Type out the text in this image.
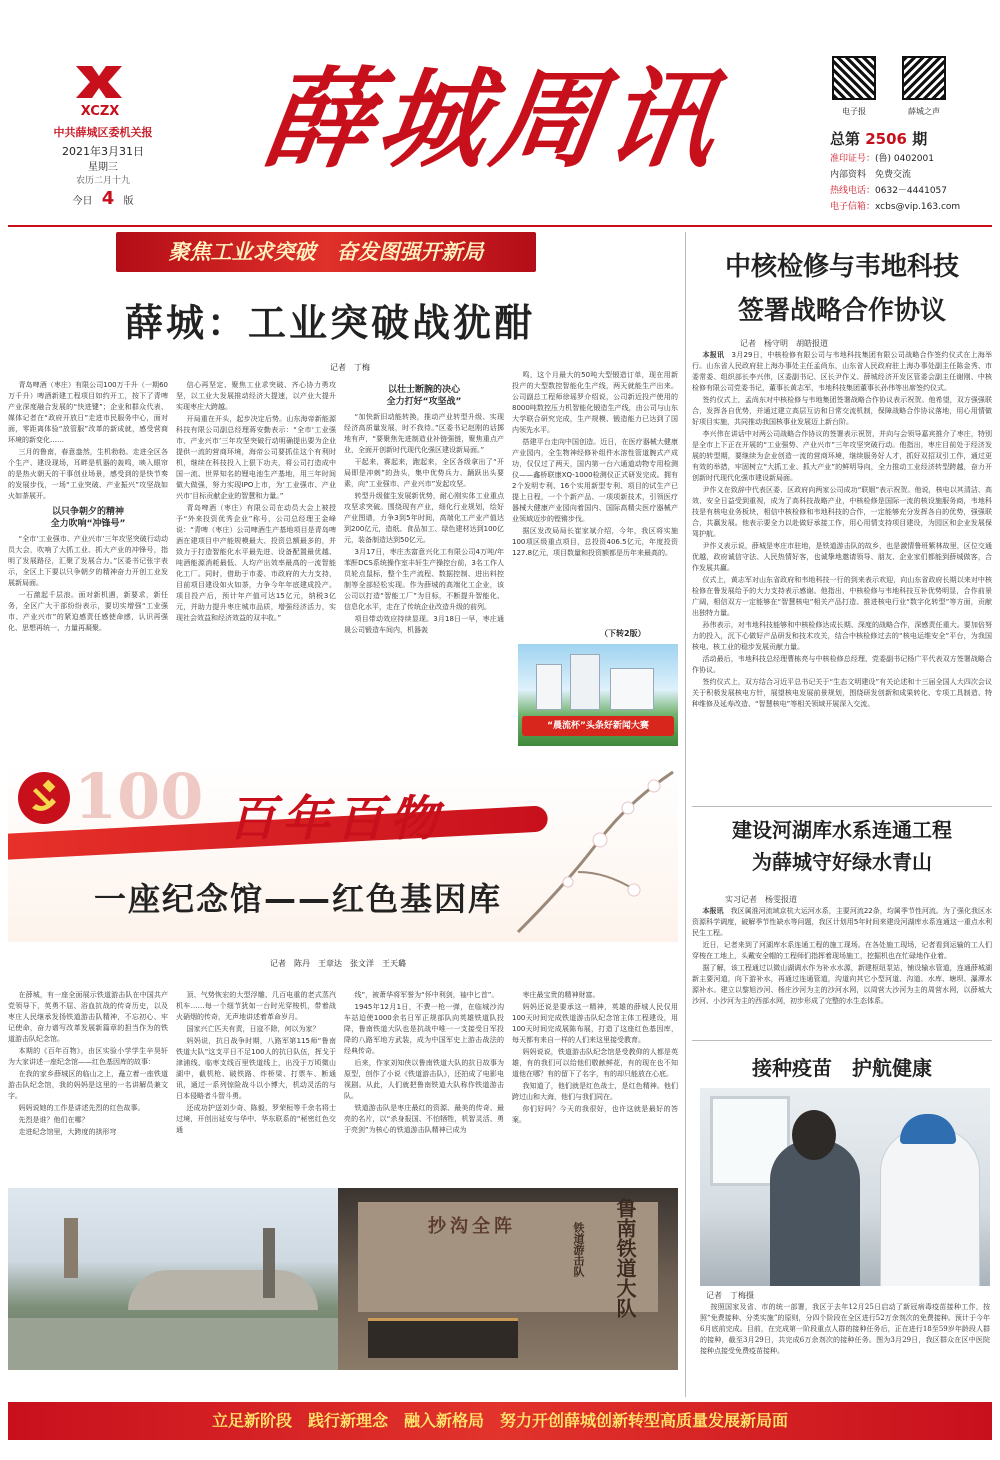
XCZX
中共薛城区委机关报
2021年3月31日
星期三
农历二月十九
今日 4 版
薛城周讯	电子报	薛城之声
总第 2506 期
准印证号：(鲁) 0402001
内部资料　免费交流
热线电话：0632－4441057
电子信箱：xcbs@vip.163.com
聚焦工业求突破　奋发图强开新局
薛城：工业突破战犹酣
记者　 丁梅

青岛啤酒（枣庄）有限公司100万千升（一期60万千升）啤酒新建工程项目如约开工，按下了青啤产业深度融合发展的“快进键”；企业和群众代表、媒体记者在“政府开放日”走进市民服务中心，面对面，零距离体验“放管服”改革的新成就，感受营商环境的新变化……

三月的鲁南，春意盎然，生机勃勃。走进全区各个生产、建设现场，耳畔是机器的轰鸣，映入眼帘的是热火朝天的干事创业场景，感受到的是快节奏的发展步伐，一场“工业突破、产业振兴”攻坚战如火如荼展开。

以只争朝夕的精神
全力吹响“冲锋号”

“全市‘工业强市、产业兴市’三年攻坚突破行动动员大会，吹响了大抓工业、抓大产业的冲锋号，指明了发展路径，汇聚了发展合力。”区委书记张宇表示，全区上下要以只争朝夕的精神奋力开创工业发展新局面。

一石激起千层浪。面对新机遇，新要求，新任务，全区广大干部纷纷表示，要切实增强“工业强市、产业兴市”的紧迫感责任感使命感，认识再强化、思想再统一、力量再凝聚。

信心再坚定、聚焦工业求突破、齐心协力勇攻坚，以工业大发展推动经济大提速，以产业大提升实现枣庄大跨越。

开局重在开头，起步决定后势。山东海帝新能源科技有限公司副总经理蒋安勤表示：“全市‘工业强市、产业兴市’三年攻坚突破行动明确提出要为企业提供一流的营商环境，海帝公司要抓住这个有利时机，继续在科技投入上狠下功夫，将公司打造成中国一流、世界知名的锂电池生产基地，用三年时间做大做强，努力实现IPO上市，为‘工业强市、产业兴市’目标贡献企业的智慧和力量。”

青岛啤酒（枣庄）有限公司在动员大会上被授予“外来投资优秀企业”称号，公司总经理王金峰说：“青啤（枣庄）公司啤酒生产基地项目是青岛啤酒在建项目中产能规模最大、投资总额最多的，并致力于打造智能化水平最先进、设备配置最优越、吨酒能源消耗最低、人均产出效率最高的一流智能化工厂。同时，借助于市委、市政府的大力支持，目前项目建设如火如荼，力争今年年底建成投产。项目投产后，预计年产值可达15亿元，纳税3亿元，并助力提升枣庄城市品质，增强经济活力，实现社会效益和经济效益的双丰收。”

以壮士断腕的决心
全力打好“攻坚战”

“加快新旧动能转换，推动产业转型升级、实现经济高质量发展，时不我待。”区委书记赵刚的话掷地有声，“要聚焦先进制造业补链强链，聚焦重点产业，全面开创新时代现代化强区建设新局面。”

干起来，赛起来，跑起来，全区各级拿出了“开局即是冲刺”的劲头，集中优势兵力、踊跃出头要素，向“工业强市、产业兴市”发起攻坚。

转型升级催生发展新优势，耐心刚实体工业重点攻坚求突破。围绕现有产业，细化行业规划，绘好产业图谱，力争3到5年时间，高端化工产业产值达到200亿元，造纸、食品加工、绿色建材达到100亿元，装备制造达到50亿元。

3月17日，枣庄杰富意兴化工有限公司4万吨/年苯酐DCS系统操作室丰轩生产操控台前，3名工作人员轮点鼠标，整个生产流程、数据控制、进出料控制等全部轻松实现。作为薛城的高端化工企业，该公司以打造“智能工厂”为目标，不断提升智能化、信息化水平，走在了传统企业改造升级的前列。

项目带动效应持续显现。3月18日一早，枣庄通晟公司锻造车间内，机器轰

鸣，这个月最大的50吨大型锻造订单，现在用新投产的大型数控智能化生产线，两天就能生产出来。公司副总工程师徐瑶罗介绍说，公司新近投产使用的8000吨数控压力机智能化锻造生产线，由公司与山东大学联合研究完成，生产规模、锻造能力已达到了国内领先水平。

搭建平台走向中国创造。近日，在医疗器械大健康产业园内，全生物神经修补组件水溶性管道腕式产成功，仅仅过了两天，国内第一台六通道动物专用检测仪——鑫桥联康XQ-1000检测仪正式研发完成。拥有2个发明专利、16个实用新型专利、项目的试生产已提上日程，一个个新产品、一项项新技术，引领医疗器械大健康产业园向着国内、国际高精尖医疗器械产业领域迈步的铿锵步伐。

据区发改局局长崔家斌介绍，今年，我区将实施100项区级重点项目，总投资406.5亿元，年度投资127.8亿元，项目数量和投资额都是历年来最高的。

（下转2版）
“晨流杯”头条好新闻大赛
100 百年百物
一座纪念馆——红色基因库
记者　 陈丹　王章达　张文洋　王天璐

在薛城，有一座全面展示铁道游击队在中国共产党领导下，英勇不屈、浴血抗战的传奇历史，以及枣庄人民继承发扬铁道游击队精神，不忘初心、牢记使命，奋力谱写改革发展新篇章的担当作为的铁道游击队纪念馆。

本期的《百年百物》，由区实验小学学生辛昊轩为大家讲述一座纪念馆——红色基因库的故事：

在我的家乡薛城区的临山之上，矗立着一座铁道游击队纪念馆，我的妈妈是这里的一名讲解员兼文字。

妈妈说她的工作是讲述先烈的红色故事。

先烈是谁？他们在哪？

走进纪念馆里，大跨度的拱形穹

顶、气势恢宏的大型浮雕、几百电重的老式蒸汽机车……每一个细节犹如一台时光穿梭机，带着战火硝烟的传奇，无声地讲述着革命岁月。

国家兴亡匹夫有责，日寇不除，何以为家？

妈妈说，抗日战争时期，八路军第115师“鲁南铁道大队”这支平日不足100人的抗日队伍，挥戈于津浦线、临枣支线百里铁道线上，出没于万顷微山湖中，截机枪、破铁路、炸桥梁、打票车、断通讯，通过一系列惊险战斗以小博大，机动灵活的与日本侵略者斗智斗勇。

还成功护送刘少奇、陈毅、罗荣桓等千余名将士过境，开创出延安与华中、华东联系的“秘密红色交通

线”，被萧华将军誉为“怀中利剑，袖中匕首”。

1945年12月1日，不费一枪一弹，在临城沙沟车站迫使1000余名日军正规部队向英雄铁道队投降，鲁南铁道大队也是抗战中唯一一支接受日军投降的八路军地方武装，成为中国军史上游击战法的经典传奇。

后来，作家刘知侠以鲁南铁道大队的抗日故事为原型，创作了小说《铁道游击队》，还拍成了电影电视剧。从此，人们就把鲁南铁道大队称作铁道游击队。

铁道游击队是枣庄最红的资源、最美的传奇、最亮的名片，以“杀身报国、不怕牺牲，机智灵活、勇于亮剑”为核心的铁道游击队精神已成为

枣庄最宝贵的精神财富。

妈妈还说是要承这一精神，英雄的薛城人民仅用100天时间完成铁道游击队纪念馆主体工程建设，用100天时间完成展陈布展，打造了这座红色基因库，每天都有来自一样的人们来这里接受教育。

妈妈说说，铁道游击队纪念馆是受教仰的人都是英雄，有的我们可以给他们敬献鲜花，有的现在也不知道他在哪？有的留下了名字，有的却只能放在心底。

我知道了，他们就是红色战士，是红色精神。他们跨过山和大海，他们与我们同在。

你们好吗？今天的我很好，也许这就是最好的答案。

抄沟全阵	鲁南铁道大队
铁道游击队
中核检修与韦地科技
签署战略合作协议
记者　杨守明　胡皓报道

本报讯　 3月29日，中核检修有限公司与韦地科技集团有限公司战略合作签约仪式在上海举行。山东省人民政府驻上海办事处主任孟尚东，山东省人民政府驻上海办事处副主任陈金秀、市委常委、组织部长李兴伟，区委副书记、区长尹作义、薛城经济开发区管委会副主任谢刚、中核检修有限公司党委书记，董事长黄志军，韦地科技集团董事长孙伟等出席签约仪式。

签约仪式上，孟尚东对中核检修与韦地集团签署战略合作协议表示祝贺。他希望，双方强强联合，发挥各自优势，并通过建立高层互访和日常交流机制，保障战略合作协议落地，用心用情做好项目实施，共同推动我国核事业发展迈上新台阶。

李兴伟在讲话中对两公司战略合作协议的签署表示祝贺，并向与会领导嘉宾推介了枣庄，特别是全市上下正在开展的“工业强势、产业兴市”三年攻坚突破行动。他指出，枣庄目前处于经济发展的转型期，要继续为企业创造一流的营商环境，继续服务好人才，抓好双招双引工作，通过更有效的举措，牢固树立“大抓工业、抓大产业”的鲜明导向，全力推动工业经济转型跨越，奋力开创新时代现代化强市建设新局面。

尹作义在致辞中代表区委、区政府向两家公司成功“联姻”表示祝贺。他说，核电以其清洁、高效、安全日益受到重视，成为了高科技战略产业，中核检修是国际一流的核设施服务商，韦地科技是有核电业务板块，相信中核检修和韦地科技的合作，一定能够充分发挥各自的优势，强强联合，共赢发展。他表示要全力以赴做好承接工作，用心用情支持项目建设，为园区和企业发展保驾护航。

尹作义表示说，薛城是枣庄市驻地，是铁道游击队的故乡，也是激情鲁班紫林故里，区位交通优越，政府诚信守法、人民热情好客，也诚挚地邀请领导、朋友、企业家们都能到薛城做客，合作发展共赢。

仪式上，黄志军对山东省政府和韦地科技一行的到来表示欢迎，向山东省政府长期以来对中核检修在鲁发展给予的大力支持表示感谢。他指出，中核检修与韦地科技互补优势明显，合作前景广阔，相信双方一定能够在“智慧核电”相关产品打造、推进核电行业“数字化转型”等方面，贡献出独特力量。

孙伟表示，对韦地科技能够和中核检修达成长期、深度的战略合作，深感责任重大。要加倍努力的投入，沉下心做好产品研发和技术攻关，结合中核检修过去的“核电运维安全”平台，为我国核电、核工业的稳步发展贡献力量。

活动最后，韦地科技总经理曹栋亮与中核检修总经理、党委副书记杨广平代表双方签署战略合作协议。

签约仪式上，双方结合习近平总书记关于“生态文明建设”有关论述和十三届全国人大四次会议关于积极发展核电方针，展望核电发展前景规划，围绕研发创新和成果转化、专项工具制造、特种维修及延寿改造、“智慧核电”等相关领域开展深入交流。

建设河湖库水系连通工程
为薛城守好绿水青山
实习记者　杨雯报道

本报讯　 我区属淮河流域京杭大运河水系，主要河流22条，均属季节性河流。为了强化我区水资源科学调度，破解季节性缺水等问题，我区计划用5年时间来建设河湖库水系连通这一重点水利民生工程。

近日，记者来到了河湖库水系连通工程的施工现场。在各处施工现场，记者看到运输的工人们穿梭在工地上，头戴安全帽的工程师们指挥着现场施工，挖掘机也在忙碌地作业着。

据了解，该工程通过以微山湖调水作为补水水源，新建枢纽泵站，铺设输水管道，连通薛城湖新主要河道，向下游补水，再通过连通管道，沟道向其它小型河道、沟道、水库、塘坝、瀑潭水源补水。建立以黎旭沙河、杨庄沙河为主的沙河水网，以周营大沙河为主的周营水网，以薛城大沙河、小沙河为主的西部水网，初步形成了完整的水生态体系。

接种疫苗　护航健康
记者　丁梅摄
按照国家及省、市的统一部署，我区于去年12月25日启动了新冠病毒疫苗接种工作，按照“免费接种、分类实施”的原则，分四个阶段在全区进行52万余剂次的免费接种。预计于今年6月底前完成。目前，在完成第一阶段重点人群的接种任务后，正在进行18至59岁年龄段人群的接种，截至3月29日，共完成6万余剂次的接种任务。图为3月29日，我区群众在区中医院接种点接受免费疫苗接种。
立足新阶段　践行新理念　融入新格局　努力开创薛城创新转型高质量发展新局面
